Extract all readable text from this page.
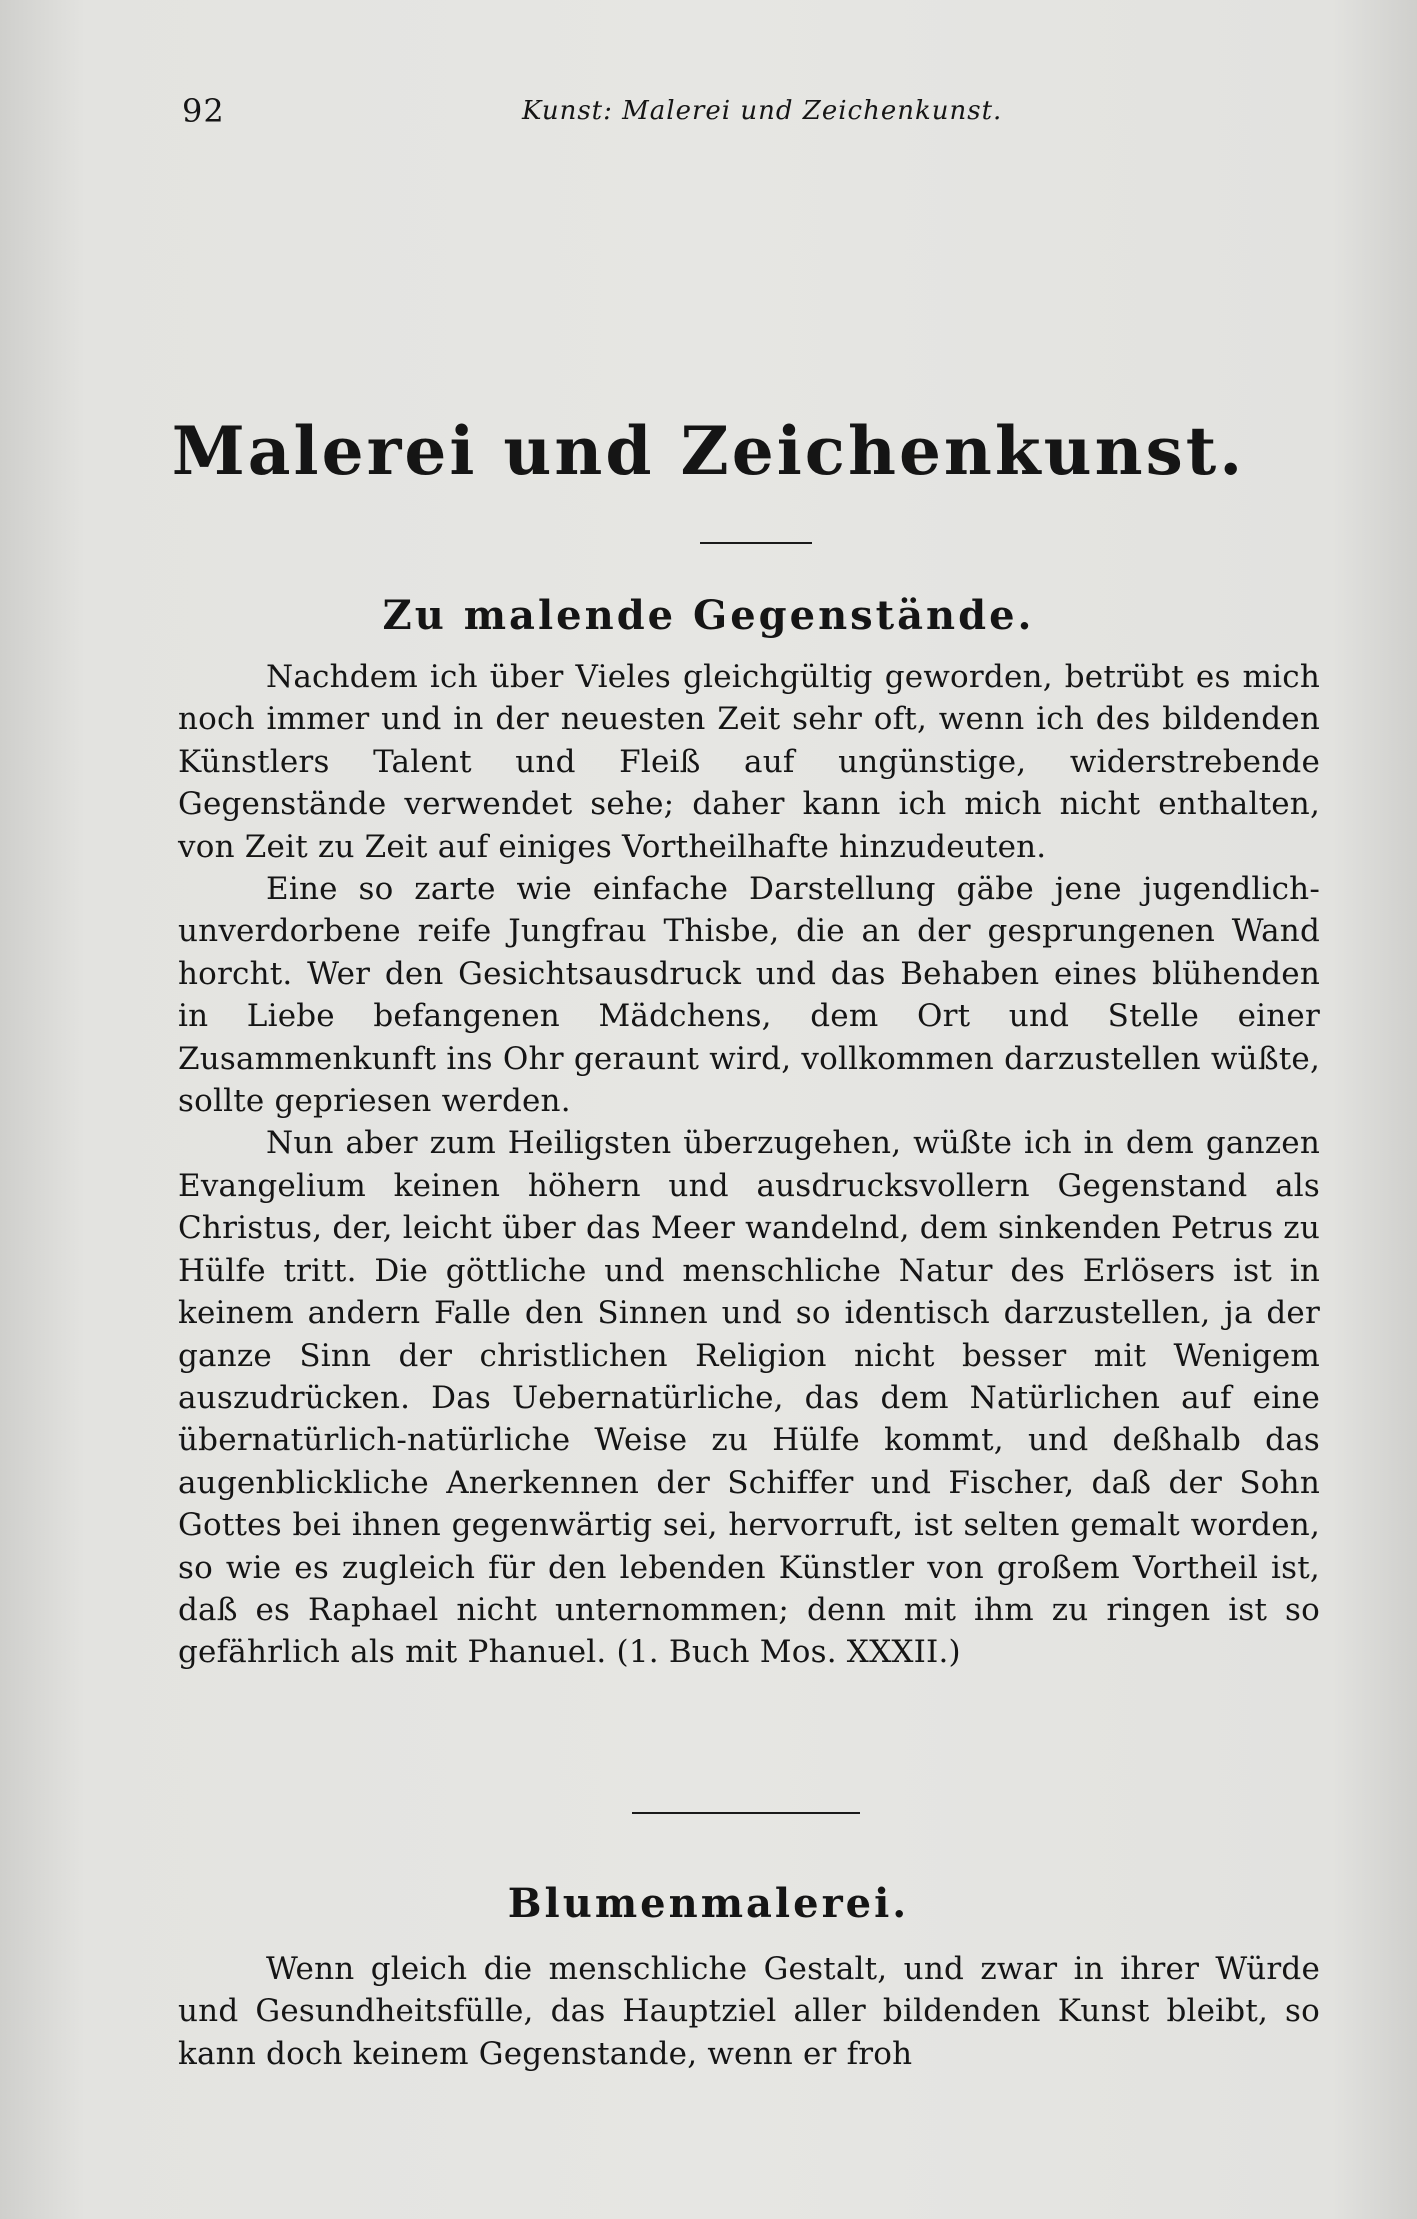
92	Kunst: Malerei und Zeichenkunst.
Malerei und Zeichenkunst.
Zu malende Gegenstände.

Nachdem ich über Vieles gleichgültig geworden, betrübt es mich noch immer und in der neuesten Zeit sehr oft, wenn ich des bildenden Künstlers Talent und Fleiß auf ungünstige, widerstrebende Gegenstände verwendet sehe; daher kann ich mich nicht enthalten, von Zeit zu Zeit auf einiges Vortheilhafte hinzudeuten.

Eine so zarte wie einfache Darstellung gäbe jene jugendlich-unverdorbene reife Jungfrau Thisbe, die an der gesprungenen Wand horcht. Wer den Gesichtsausdruck und das Behaben eines blühenden in Liebe befangenen Mädchens, dem Ort und Stelle einer Zusammenkunft ins Ohr geraunt wird, vollkommen darzustellen wüßte, sollte gepriesen werden.

Nun aber zum Heiligsten überzugehen, wüßte ich in dem ganzen Evangelium keinen höhern und ausdrucksvollern Gegenstand als Christus, der, leicht über das Meer wandelnd, dem sinkenden Petrus zu Hülfe tritt. Die göttliche und menschliche Natur des Erlösers ist in keinem andern Falle den Sinnen und so identisch darzustellen, ja der ganze Sinn der christlichen Religion nicht besser mit Wenigem auszudrücken. Das Uebernatürliche, das dem Natürlichen auf eine übernatürlich-natürliche Weise zu Hülfe kommt, und deßhalb das augenblickliche Anerkennen der Schiffer und Fischer, daß der Sohn Gottes bei ihnen gegenwärtig sei, hervorruft, ist selten gemalt worden, so wie es zugleich für den lebenden Künstler von großem Vortheil ist, daß es Raphael nicht unternommen; denn mit ihm zu ringen ist so gefährlich als mit Phanuel. (1. Buch Mos. XXXII.)

Blumenmalerei.

Wenn gleich die menschliche Gestalt, und zwar in ihrer Würde und Gesundheitsfülle, das Hauptziel aller bildenden Kunst bleibt, so kann doch keinem Gegenstande, wenn er froh
